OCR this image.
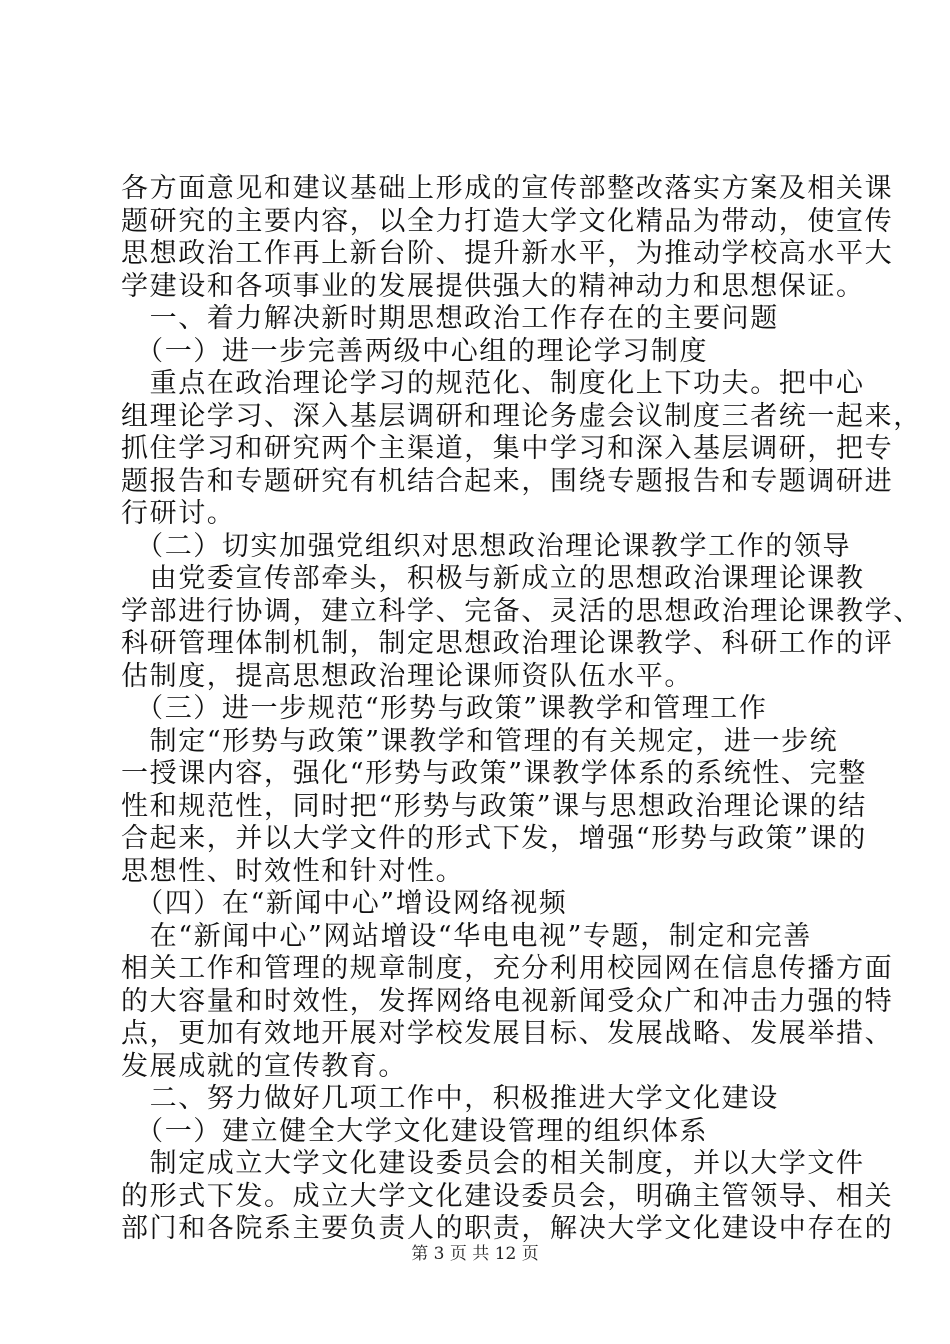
各方面意见和建议基础上形成的宣传部整改落实方案及相关课
题研究的主要内容，以全力打造大学文化精品为带动，使宣传
思想政治工作再上新台阶、提升新水平，为推动学校高水平大
学建设和各项事业的发展提供强大的精神动力和思想保证。
　一、着力解决新时期思想政治工作存在的主要问题
　（一）进一步完善两级中心组的理论学习制度
　重点在政治理论学习的规范化、制度化上下功夫。把中心
组理论学习、深入基层调研和理论务虚会议制度三者统一起来，
抓住学习和研究两个主渠道，集中学习和深入基层调研，把专
题报告和专题研究有机结合起来，围绕专题报告和专题调研进
行研讨。
　（二）切实加强党组织对思想政治理论课教学工作的领导
　由党委宣传部牵头，积极与新成立的思想政治课理论课教
学部进行协调，建立科学、完备、灵活的思想政治理论课教学、
科研管理体制机制，制定思想政治理论课教学、科研工作的评
估制度，提高思想政治理论课师资队伍水平。
　（三）进一步规范“形势与政策”课教学和管理工作
　制定“形势与政策”课教学和管理的有关规定，进一步统
一授课内容，强化“形势与政策”课教学体系的系统性、完整
性和规范性，同时把“形势与政策”课与思想政治理论课的结
合起来，并以大学文件的形式下发，增强“形势与政策”课的
思想性、时效性和针对性。
　（四）在“新闻中心”增设网络视频
　在“新闻中心”网站增设“华电电视”专题，制定和完善
相关工作和管理的规章制度，充分利用校园网在信息传播方面
的大容量和时效性，发挥网络电视新闻受众广和冲击力强的特
点，更加有效地开展对学校发展目标、发展战略、发展举措、
发展成就的宣传教育。
　二、努力做好几项工作中，积极推进大学文化建设
　（一）建立健全大学文化建设管理的组织体系
　制定成立大学文化建设委员会的相关制度，并以大学文件
的形式下发。成立大学文化建设委员会，明确主管领导、相关
部门和各院系主要负责人的职责，解决大学文化建设中存在的
第 3 页 共 12 页
